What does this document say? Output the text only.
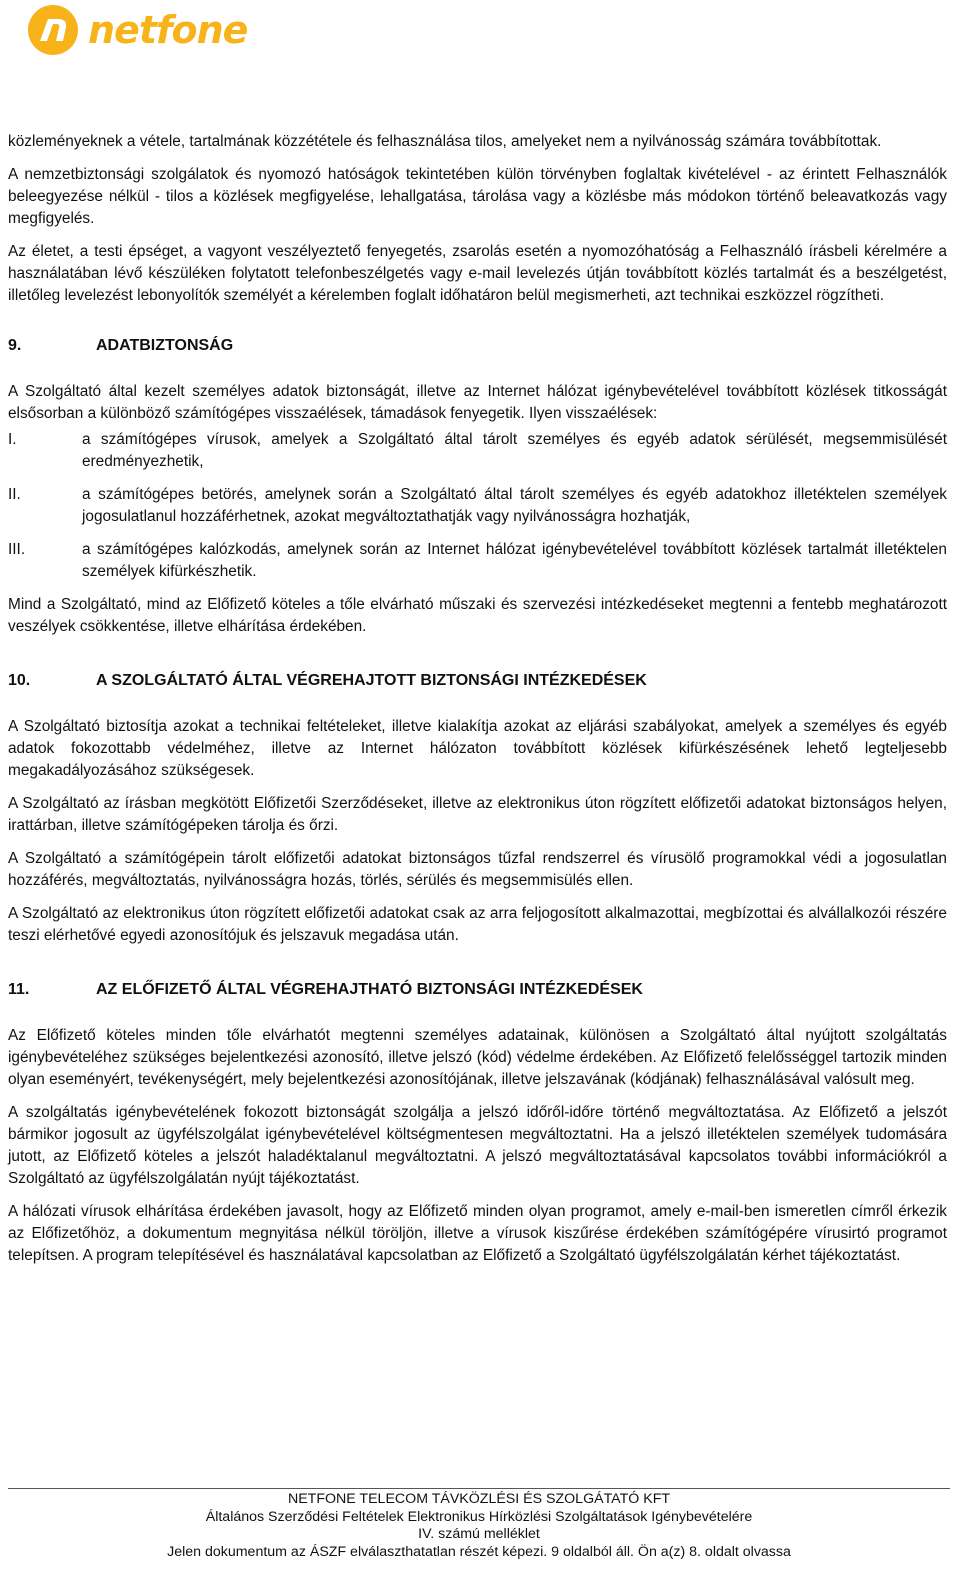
netfone

közleményeknek a vétele, tartalmának közzététele és felhasználása tilos, amelyeket nem a nyilvánosság számára továbbítottak.

A nemzetbiztonsági szolgálatok és nyomozó hatóságok tekintetében külön törvényben foglaltak kivételével - az érintett Felhasználók beleegyezése nélkül - tilos a közlések megfigyelése, lehallgatása, tárolása vagy a közlésbe más módokon történő beleavatkozás vagy megfigyelés.

Az életet, a testi épséget, a vagyont veszélyeztető fenyegetés, zsarolás esetén a nyomozóhatóság a Felhasználó írásbeli kérelmére a használatában lévő készüléken folytatott telefonbeszélgetés vagy e-mail levelezés útján továbbított közlés tartalmát és a beszélgetést, illetőleg levelezést lebonyolítók személyét a kérelemben foglalt időhatáron belül megismerheti, azt technikai eszközzel rögzítheti.

9.	ADATBIZTONSÁG

A Szolgáltató által kezelt személyes adatok biztonságát, illetve az Internet hálózat igénybevételével továbbított közlések titkosságát elsősorban a különböző számítógépes visszaélések, támadások fenyegetik. Ilyen visszaélések:

I.	a számítógépes vírusok, amelyek a Szolgáltató által tárolt személyes és egyéb adatok sérülését, megsemmisülését eredményezhetik,

II.	a számítógépes betörés, amelynek során a Szolgáltató által tárolt személyes és egyéb adatokhoz illetéktelen személyek jogosulatlanul hozzáférhetnek, azokat megváltoztathatják vagy nyilvánosságra hozhatják,

III.	a számítógépes kalózkodás, amelynek során az Internet hálózat igénybevételével továbbított közlések tartalmát illetéktelen személyek kifürkészhetik.

Mind a Szolgáltató, mind az Előfizető köteles a tőle elvárható műszaki és szervezési intézkedéseket megtenni a fentebb meghatározott veszélyek csökkentése, illetve elhárítása érdekében.

10.	A SZOLGÁLTATÓ ÁLTAL VÉGREHAJTOTT BIZTONSÁGI INTÉZKEDÉSEK

A Szolgáltató biztosítja azokat a technikai feltételeket, illetve kialakítja azokat az eljárási szabályokat, amelyek a személyes és egyéb adatok fokozottabb védelméhez, illetve az Internet hálózaton továbbított közlések kifürkészésének lehető legteljesebb megakadályozásához szükségesek.

A Szolgáltató az írásban megkötött Előfizetői Szerződéseket, illetve az elektronikus úton rögzített előfizetői adatokat biztonságos helyen, irattárban, illetve számítógépeken tárolja és őrzi.

A Szolgáltató a számítógépein tárolt előfizetői adatokat biztonságos tűzfal rendszerrel és vírusölő programokkal védi a jogosulatlan hozzáférés, megváltoztatás, nyilvánosságra hozás, törlés, sérülés és megsemmisülés ellen.

A Szolgáltató az elektronikus úton rögzített előfizetői adatokat csak az arra feljogosított alkalmazottai, megbízottai és alvállalkozói részére teszi elérhetővé egyedi azonosítójuk és jelszavuk megadása után.

11.	AZ ELŐFIZETŐ ÁLTAL VÉGREHAJTHATÓ BIZTONSÁGI INTÉZKEDÉSEK

Az Előfizető köteles minden tőle elvárhatót megtenni személyes adatainak, különösen a Szolgáltató által nyújtott szolgáltatás igénybevételéhez szükséges bejelentkezési azonosító, illetve jelszó (kód) védelme érdekében. Az Előfizető felelősséggel tartozik minden olyan eseményért, tevékenységért, mely bejelentkezési azonosítójának, illetve jelszavának (kódjának) felhasználásával valósult meg.

A szolgáltatás igénybevételének fokozott biztonságát szolgálja a jelszó időről-időre történő megváltoztatása. Az Előfizető a jelszót bármikor jogosult az ügyfélszolgálat igénybevételével költségmentesen megváltoztatni. Ha a jelszó illetéktelen személyek tudomására jutott, az Előfizető köteles a jelszót haladéktalanul megváltoztatni. A jelszó megváltoztatásával kapcsolatos további információkról a Szolgáltató az ügyfélszolgálatán nyújt tájékoztatást.

A hálózati vírusok elhárítása érdekében javasolt, hogy az Előfizető minden olyan programot, amely e-mail-ben ismeretlen címről érkezik az Előfizetőhöz, a dokumentum megnyitása nélkül töröljön, illetve a vírusok kiszűrése érdekében számítógépére vírusirtó programot telepítsen. A program telepítésével és használatával kapcsolatban az Előfizető a Szolgáltató ügyfélszolgálatán kérhet tájékoztatást.

NETFONE TELECOM TÁVKÖZLÉSI ÉS SZOLGÁTATÓ KFT
Általános Szerződési Feltételek Elektronikus Hírközlési Szolgáltatások Igénybevételére
IV. számú melléklet
Jelen dokumentum az ÁSZF elválaszthatatlan részét képezi. 9 oldalból áll. Ön a(z) 8. oldalt olvassa
